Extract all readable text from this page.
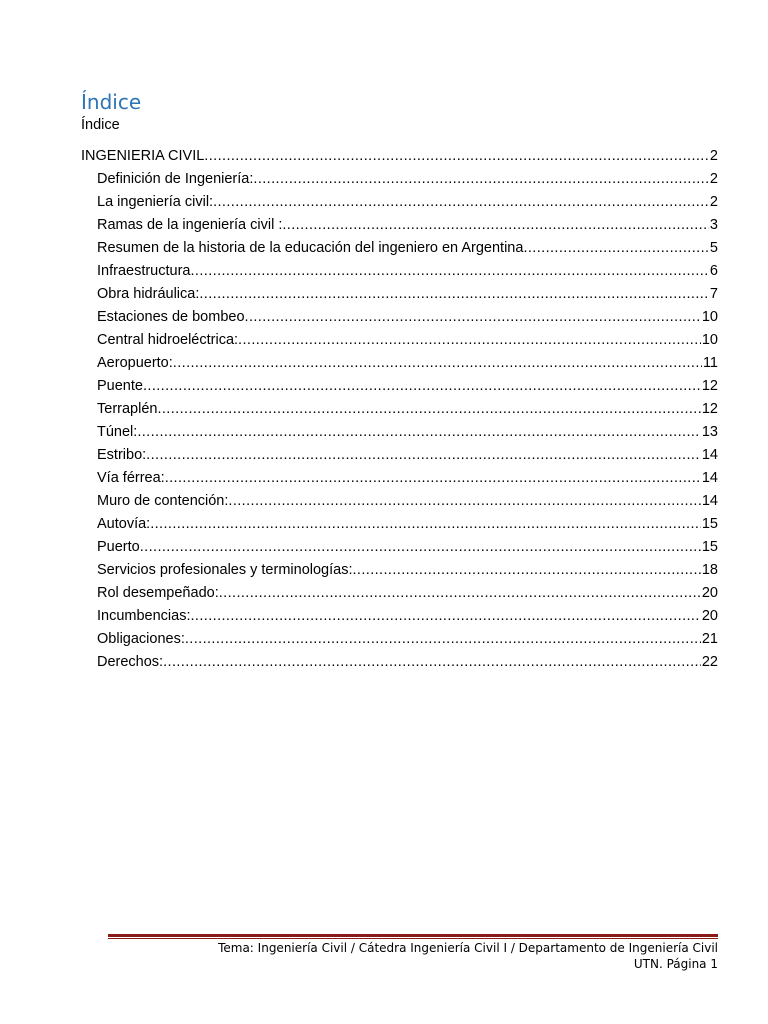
Índice
Índice
INGENIERIA CIVIL .....	2
Definición de Ingeniería: .....	2
La ingeniería civil: .....	2
Ramas de la ingeniería civil : .....	3
Resumen de la historia de la educación del ingeniero en Argentina .....	5
Infraestructura .....	6
Obra hidráulica: .....	7
Estaciones de bombeo .....	10
Central hidroeléctrica: .....	10
Aeropuerto: .....	11
Puente .....	12
Terraplén .....	12
Túnel: .....	13
Estribo: .....	14
Vía férrea: .....	14
Muro de contención: .....	14
Autovía: .....	15
Puerto .....	15
Servicios profesionales y terminologías: .....	18
Rol desempeñado: .....	20
Incumbencias: .....	20
Obligaciones: .....	21
Derechos: .....	22
Tema: Ingeniería Civil / Cátedra Ingeniería Civil I / Departamento de Ingeniería Civil
UTN. Página 1
